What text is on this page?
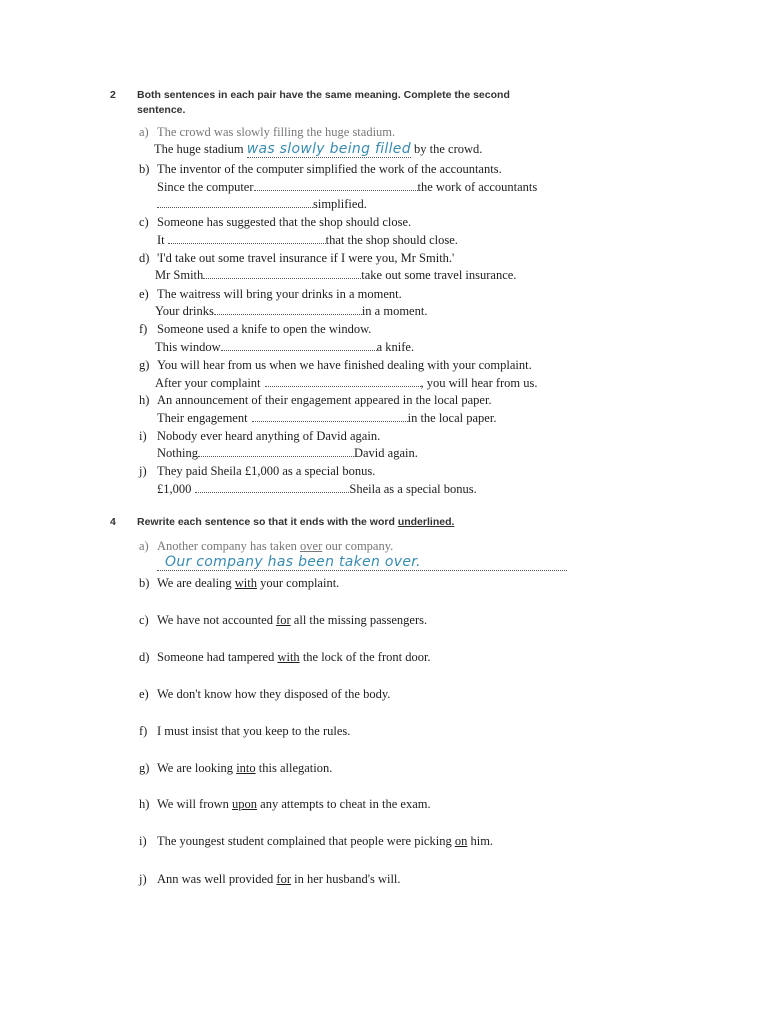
2 Both sentences in each pair have the same meaning. Complete the second sentence.
a) The crowd was slowly filling the huge stadium.
The huge stadium was slowly being filled by the crowd.
b) The inventor of the computer simplified the work of the accountants.
Since the computer	the work of accountants
simplified.
c) Someone has suggested that the shop should close.
It	that the shop should close.
d) 'I'd take out some travel insurance if I were you, Mr Smith.'
Mr Smith	take out some travel insurance.
e) The waitress will bring your drinks in a moment.
Your drinks	in a moment.
f) Someone used a knife to open the window.
This window	a knife.
g) You will hear from us when we have finished dealing with your complaint.
After your complaint	, you will hear from us.
h) An announcement of their engagement appeared in the local paper.
Their engagement	in the local paper.
i) Nobody ever heard anything of David again.
Nothing	David again.
j) They paid Sheila £1,000 as a special bonus.
£1,000	Sheila as a special bonus.
4 Rewrite each sentence so that it ends with the word underlined.
a) Another company has taken over our company.
Our company has been taken over.
b) We are dealing with your complaint.
c) We have not accounted for all the missing passengers.
d) Someone had tampered with the lock of the front door.
e) We don't know how they disposed of the body.
f) I must insist that you keep to the rules.
g) We are looking into this allegation.
h) We will frown upon any attempts to cheat in the exam.
i) The youngest student complained that people were picking on him.
j) Ann was well provided for in her husband's will.
